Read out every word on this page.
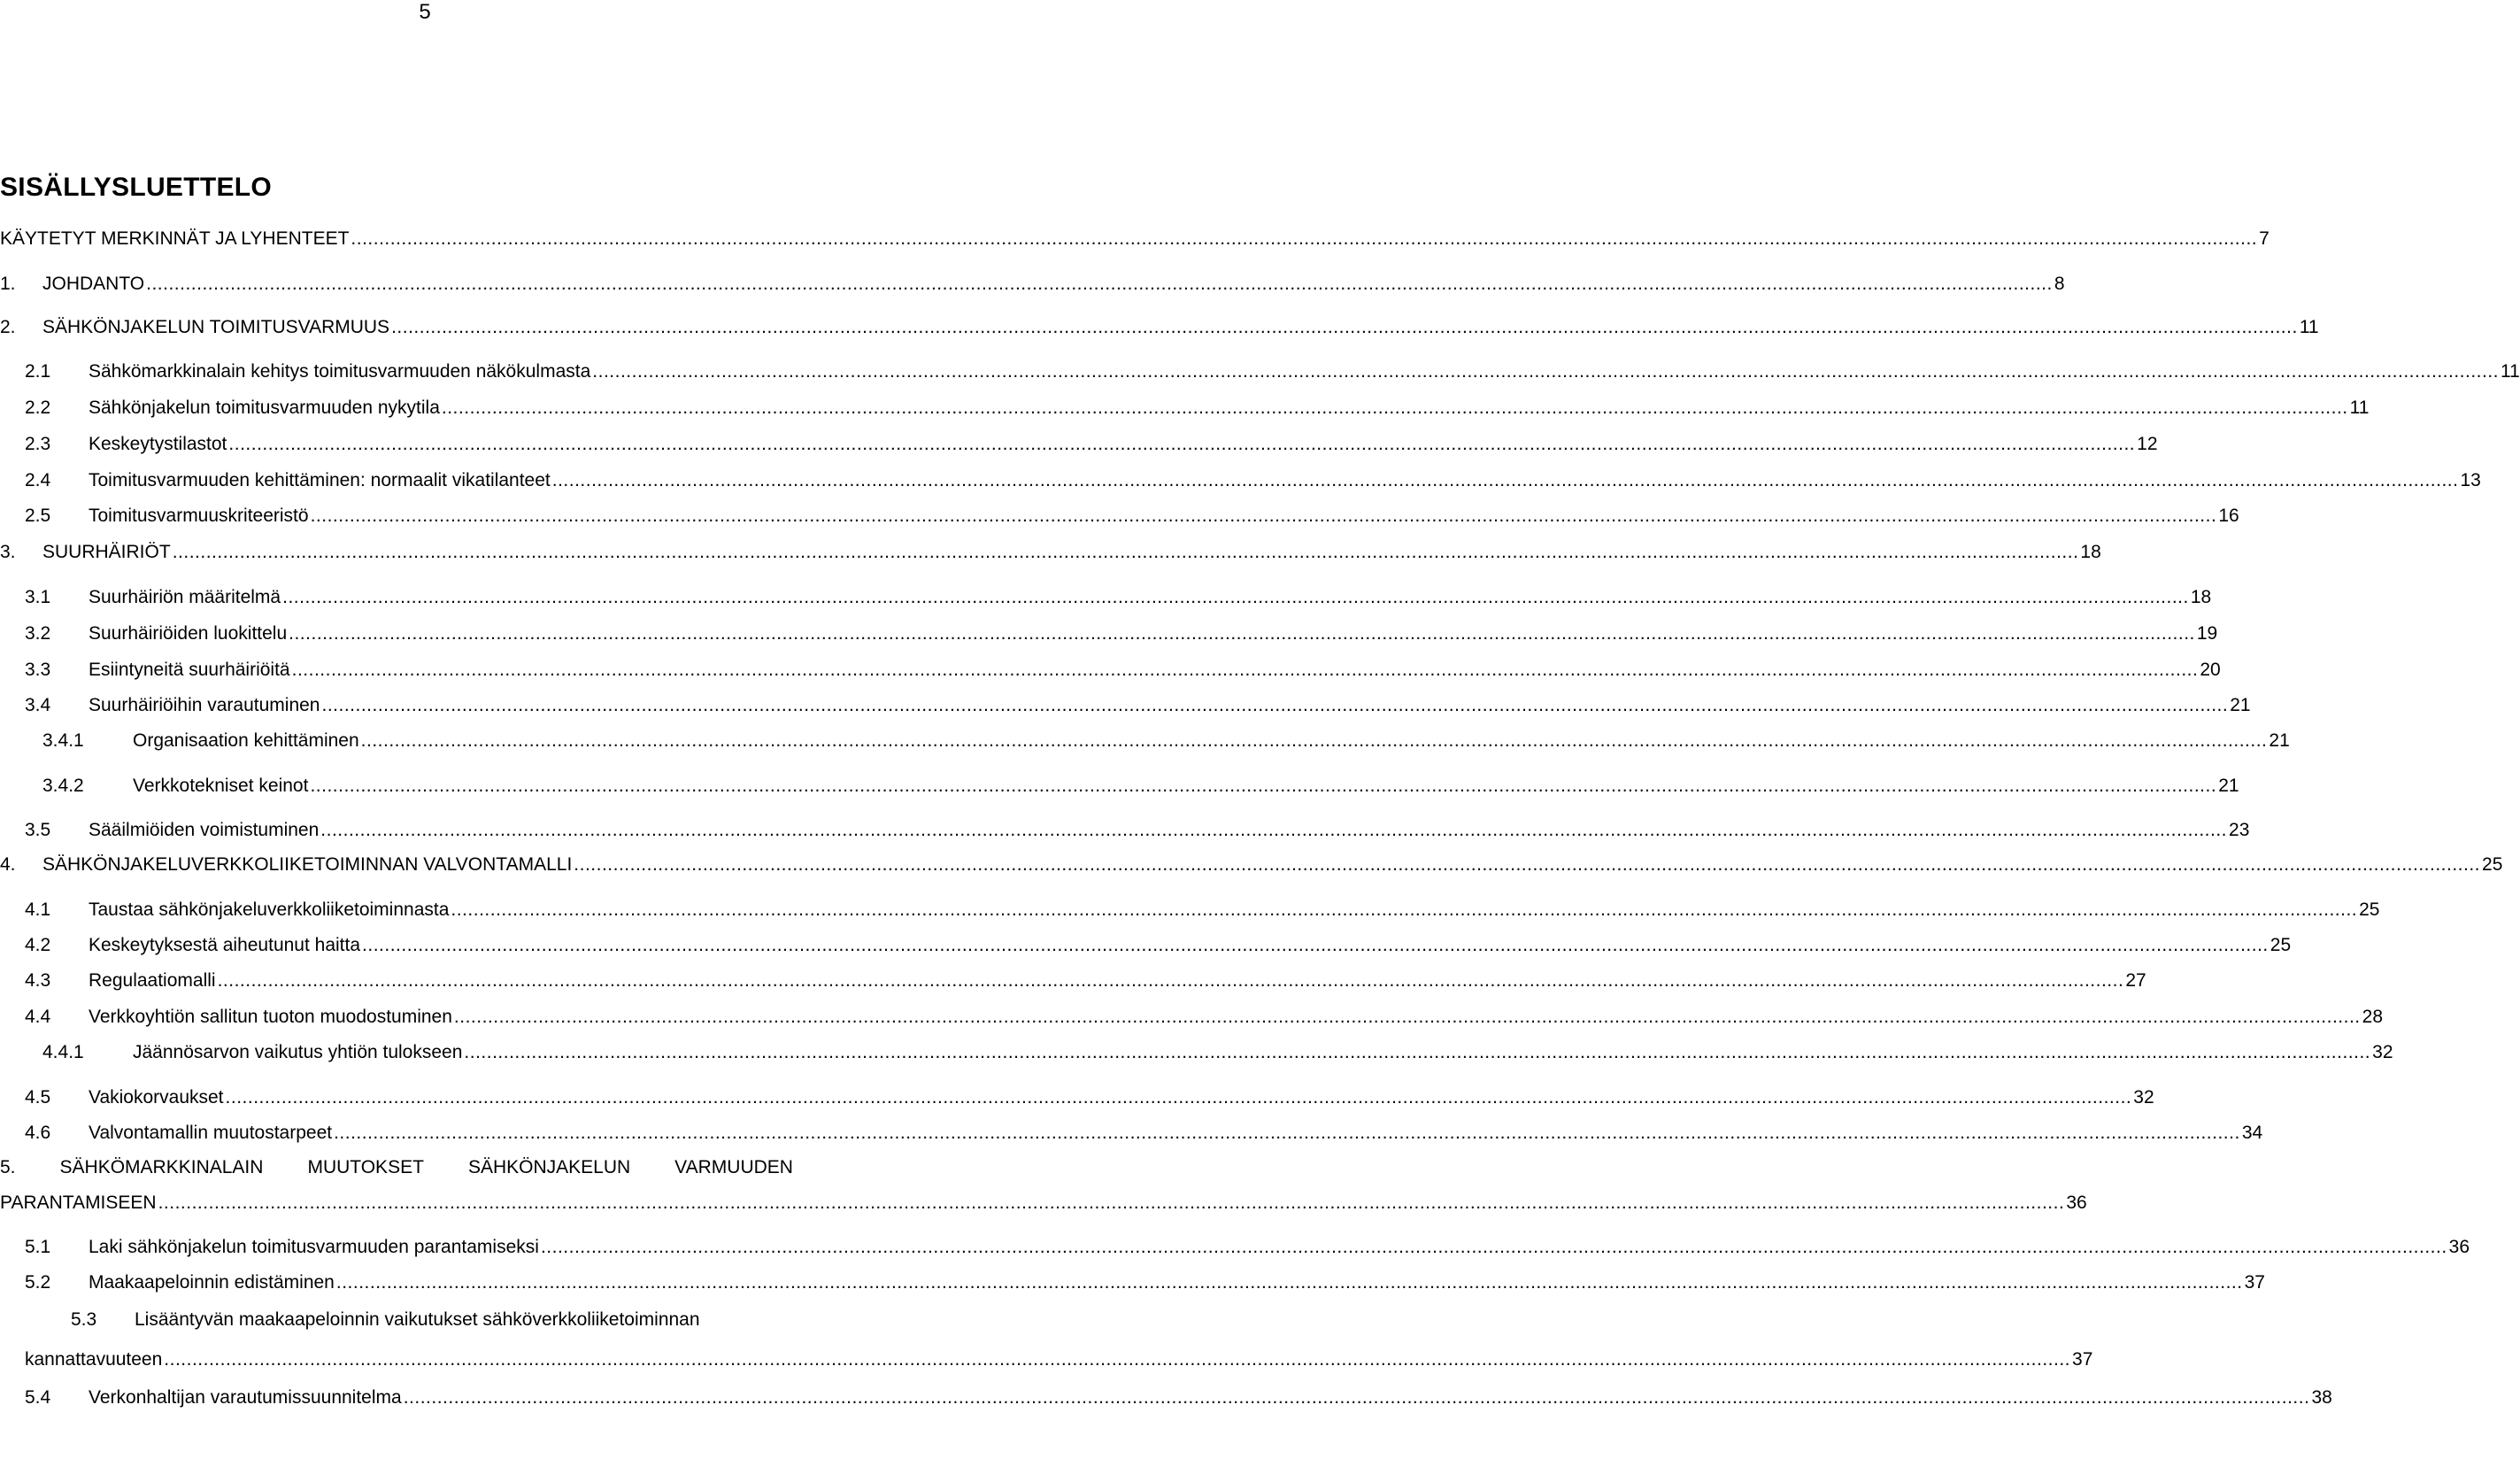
5
SISÄLLYSLUETTELO
KÄYTETYT MERKINNÄT JA LYHENTEET .................................................................................................................................................................................................................................................................................................................................................... 7
1.	JOHDANTO .................................................................................................................................................................................................................................................................................................................................................... 8
2.	SÄHKÖNJAKELUN TOIMITUSVARMUUS .................................................................................................................................................................................................................................................................................................................................................... 11
2.1	Sähkömarkkinalain kehitys toimitusvarmuuden näkökulmasta .................................................................................................................................................................................................................................................................................................................................................... 11
2.2	Sähkönjakelun toimitusvarmuuden nykytila .................................................................................................................................................................................................................................................................................................................................................... 11
2.3	Keskeytystilastot .................................................................................................................................................................................................................................................................................................................................................... 12
2.4	Toimitusvarmuuden kehittäminen: normaalit vikatilanteet .................................................................................................................................................................................................................................................................................................................................................... 13
2.5	Toimitusvarmuuskriteeristö .................................................................................................................................................................................................................................................................................................................................................... 16
3.	SUURHÄIRIÖT .................................................................................................................................................................................................................................................................................................................................................... 18
3.1	Suurhäiriön määritelmä .................................................................................................................................................................................................................................................................................................................................................... 18
3.2	Suurhäiriöiden luokittelu .................................................................................................................................................................................................................................................................................................................................................... 19
3.3	Esiintyneitä suurhäiriöitä .................................................................................................................................................................................................................................................................................................................................................... 20
3.4	Suurhäiriöihin varautuminen .................................................................................................................................................................................................................................................................................................................................................... 21
3.4.1	Organisaation kehittäminen .................................................................................................................................................................................................................................................................................................................................................... 21
3.4.2	Verkkotekniset keinot .................................................................................................................................................................................................................................................................................................................................................... 21
3.5	Sääilmiöiden voimistuminen .................................................................................................................................................................................................................................................................................................................................................... 23
4.	SÄHKÖNJAKELUVERKKOLIIKETOIMINNAN VALVONTAMALLI .................................................................................................................................................................................................................................................................................................................................................... 25
4.1	Taustaa sähkönjakeluverkkoliiketoiminnasta .................................................................................................................................................................................................................................................................................................................................................... 25
4.2	Keskeytyksestä aiheutunut haitta .................................................................................................................................................................................................................................................................................................................................................... 25
4.3	Regulaatiomalli .................................................................................................................................................................................................................................................................................................................................................... 27
4.4	Verkkoyhtiön sallitun tuoton muodostuminen .................................................................................................................................................................................................................................................................................................................................................... 28
4.4.1	Jäännösarvon vaikutus yhtiön tulokseen .................................................................................................................................................................................................................................................................................................................................................... 32
4.5	Vakiokorvaukset .................................................................................................................................................................................................................................................................................................................................................... 32
4.6	Valvontamallin muutostarpeet .................................................................................................................................................................................................................................................................................................................................................... 34
5. SÄHKÖMARKKINALAIN MUUTOKSET SÄHKÖNJAKELUN VARMUUDEN
PARANTAMISEEN .................................................................................................................................................................................................................................................................................................................................................... 36
5.1	Laki sähkönjakelun toimitusvarmuuden parantamiseksi .................................................................................................................................................................................................................................................................................................................................................... 36
5.2	Maakaapeloinnin edistäminen .................................................................................................................................................................................................................................................................................................................................................... 37
5.3	Lisääntyvän maakaapeloinnin vaikutukset sähköverkkoliiketoiminnan
kannattavuuteen .................................................................................................................................................................................................................................................................................................................................................... 37
5.4	Verkonhaltijan varautumissuunnitelma .................................................................................................................................................................................................................................................................................................................................................... 38
